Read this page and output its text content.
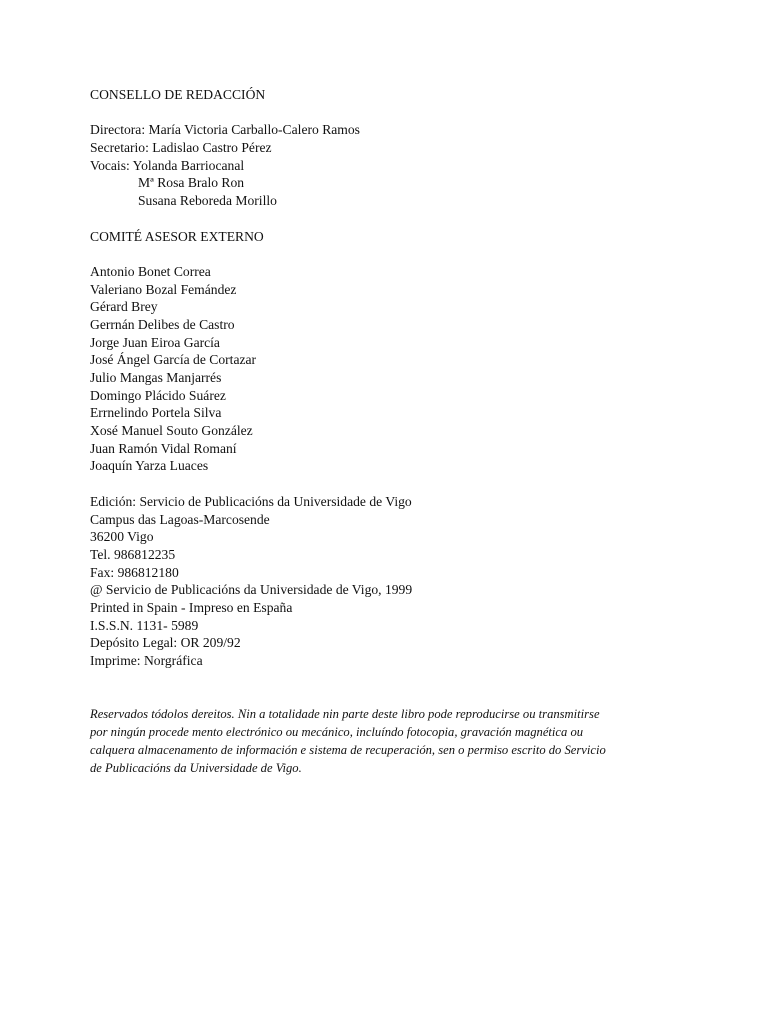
CONSELLO DE REDACCIÓN
Directora: María Victoria Carballo-Calero Ramos
Secretario: Ladislao Castro Pérez
Vocais: Yolanda Barriocanal
Mª Rosa Bralo Ron
Susana Reboreda Morillo
COMITÉ ASESOR EXTERNO
Antonio Bonet Correa
Valeriano Bozal Femández
Gérard Brey
Gerrnán Delibes de Castro
Jorge Juan Eiroa García
José Ángel García de Cortazar
Julio Mangas Manjarrés
Domingo Plácido Suárez
Errnelindo Portela Silva
Xosé Manuel Souto González
Juan Ramón Vidal Romaní
Joaquín Yarza Luaces
Edición: Servicio de Publicacións da Universidade de Vigo
Campus das Lagoas-Marcosende
36200 Vigo
Tel. 986812235
Fax: 986812180
@ Servicio de Publicacións da Universidade de Vigo, 1999
Printed in Spain - Impreso en España
I.S.S.N. 1131- 5989
Depósito Legal: OR 209/92
Imprime: Norgráfica
Reservados tódolos dereitos. Nin a totalidade nin parte deste libro pode reproducirse ou transmitirse
por ningún procede mento electrónico ou mecánico, incluíndo fotocopia, gravación magnética ou
calquera almacenamento de información e sistema de recuperación, sen o permiso escrito do Servicio
de Publicacións da Universidade de Vigo.
